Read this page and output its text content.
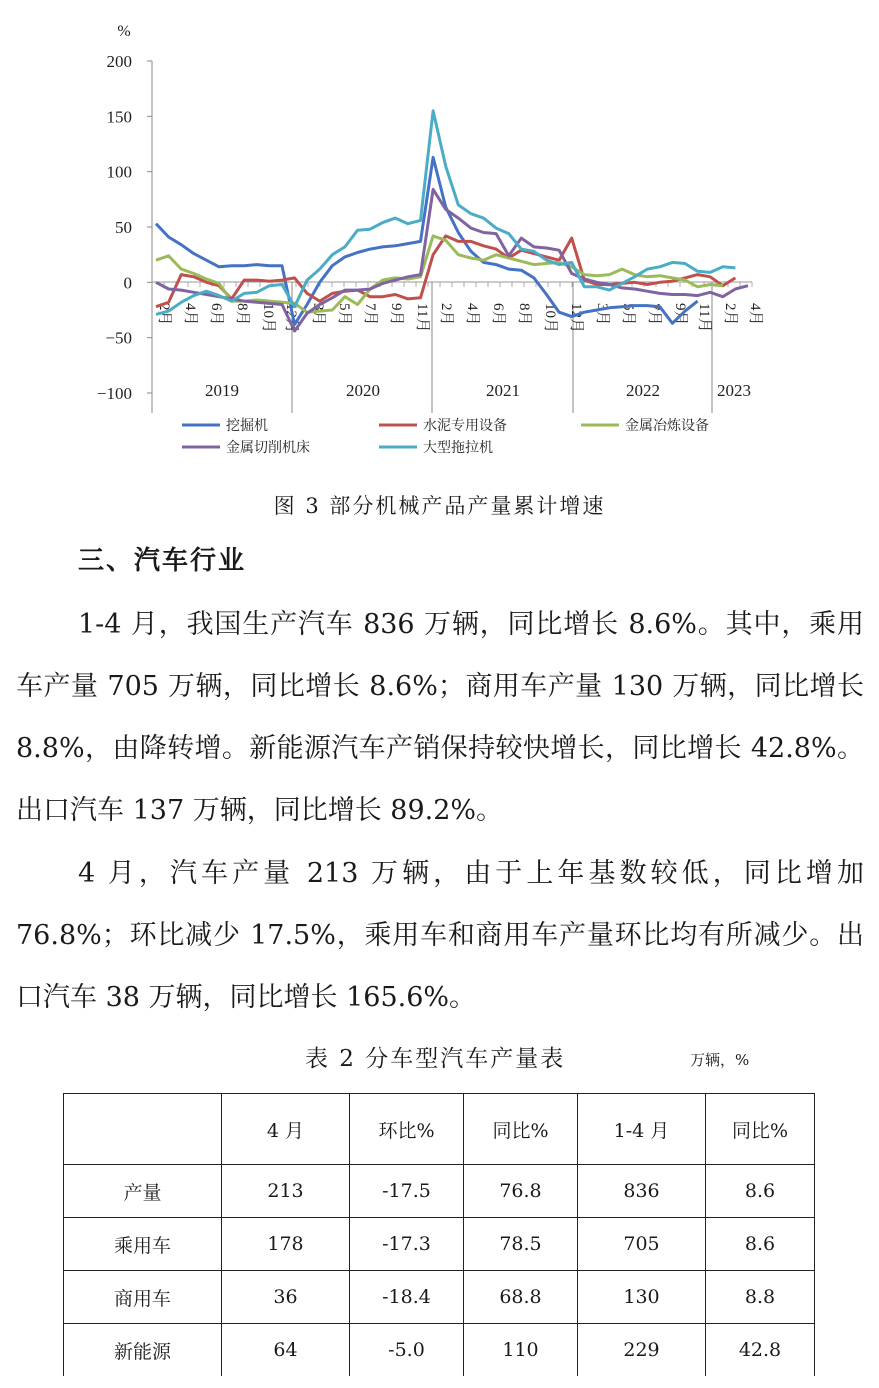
%
200
150
100
50
0
−50
−100
2月 4月 6月 8月 10月 12月 3月 5月 7月 9月 11月 2月 4月 6月 8月 10月 12月 3月 5月 7月 9月 11月 2月 4月
2019	2020	2021	2022	2023
挖掘机	水泥专用设备	金属冶炼设备
金属切削机床	大型拖拉机
图 3 部分机械产品产量累计增速
三、汽车行业

1-4 月，我国生产汽车 836 万辆，同比增长 8.6%。其中，乘用车产量 705 万辆，同比增长 8.6%；商用车产量 130 万辆，同比增长 8.8%，由降转增。新能源汽车产销保持较快增长，同比增长 42.8%。出口汽车 137 万辆，同比增长 89.2%。

4 月，汽车产量 213 万辆，由于上年基数较低，同比增加 76.8%；环比减少 17.5%，乘用车和商用车产量环比均有所减少。出口汽车 38 万辆，同比增长 165.6%。

表 2 分车型汽车产量表	万辆，%
	4 月	环比%	同比%	1-4 月	同比%
产量	213	-17.5	76.8	836	8.6
乘用车	178	-17.3	78.5	705	8.6
商用车	36	-18.4	68.8	130	8.8
新能源	64	-5.0	110	229	42.8
